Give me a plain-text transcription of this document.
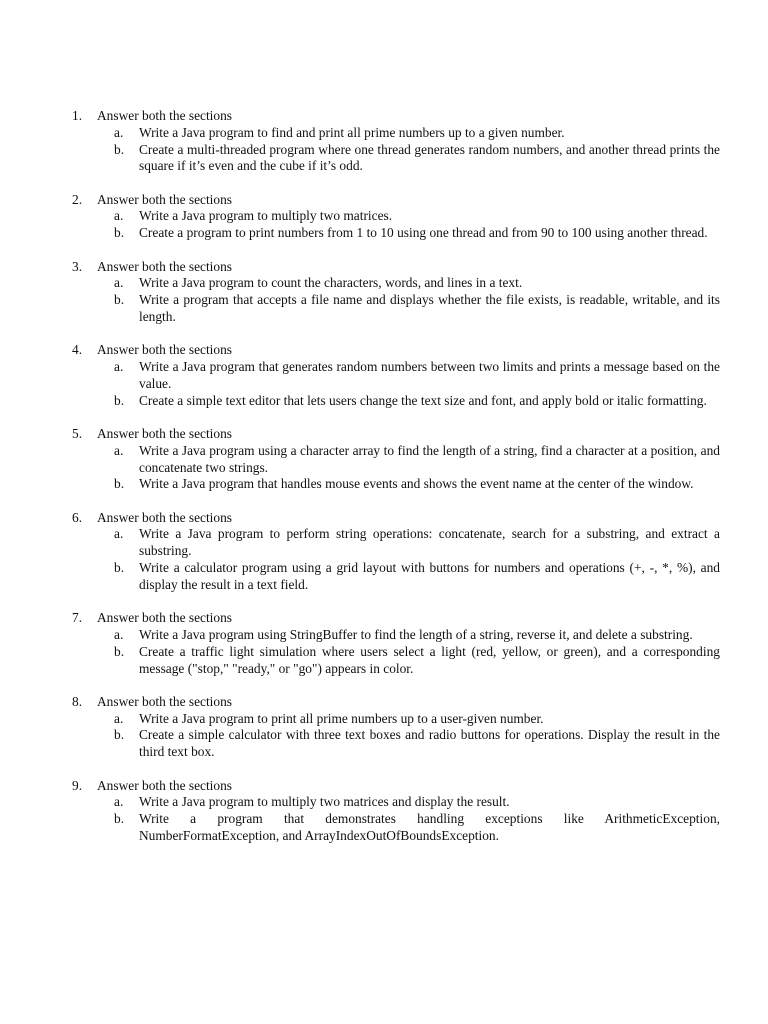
1.	Answer both the sections
a.	Write a Java program to find and print all prime numbers up to a given number.
b.	Create a multi-threaded program where one thread generates random numbers, and another thread prints the square if it’s even and the cube if it’s odd.
2.	Answer both the sections
a.	Write a Java program to multiply two matrices.
b.	Create a program to print numbers from 1 to 10 using one thread and from 90 to 100 using another thread.
3.	Answer both the sections
a.	Write a Java program to count the characters, words, and lines in a text.
b.	Write a program that accepts a file name and displays whether the file exists, is readable, writable, and its length.
4.	Answer both the sections
a.	Write a Java program that generates random numbers between two limits and prints a message based on the value.
b.	Create a simple text editor that lets users change the text size and font, and apply bold or italic formatting.
5.	Answer both the sections
a.	Write a Java program using a character array to find the length of a string, find a character at a position, and concatenate two strings.
b.	Write a Java program that handles mouse events and shows the event name at the center of the window.
6.	Answer both the sections
a.	Write a Java program to perform string operations: concatenate, search for a substring, and extract a substring.
b.	Write a calculator program using a grid layout with buttons for numbers and operations (+, -, *, %), and display the result in a text field.
7.	Answer both the sections
a.	Write a Java program using StringBuffer to find the length of a string, reverse it, and delete a substring.
b.	Create a traffic light simulation where users select a light (red, yellow, or green), and a corresponding message ("stop," "ready," or "go") appears in color.
8.	Answer both the sections
a.	Write a Java program to print all prime numbers up to a user-given number.
b.	Create a simple calculator with three text boxes and radio buttons for operations. Display the result in the third text box.
9.	Answer both the sections
a.	Write a Java program to multiply two matrices and display the result.
b.	Write a program that demonstrates handling exceptions like ArithmeticException, NumberFormatException, and ArrayIndexOutOfBoundsException.
